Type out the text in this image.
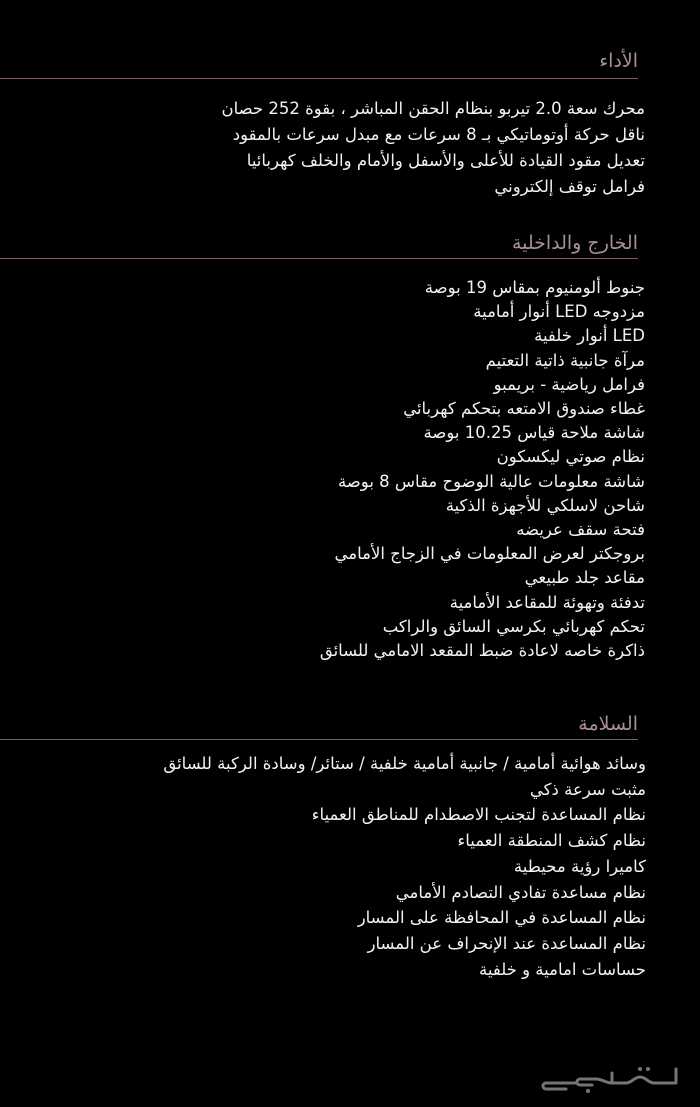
الأداء
محرك سعة 2.0 تيربو بنظام الحقن المباشر ، بقوة 252 حصان
ناقل حركة أوتوماتيكي بـ 8 سرعات مع مبدل سرعات بالمقود
تعديل مقود القيادة للأعلى والأسفل والأمام والخلف كهربائيا
فرامل توقف إلكتروني
الخارج والداخلية
جنوط ألومنيوم بمقاس 19 بوصة
مزدوجه LED أنوار أمامية
LED أنوار خلفية
مرآة جانبية ذاتية التعتيم
فرامل رياضية - بريمبو
غطاء صندوق الامتعه بتحكم كهربائي
شاشة ملاحة قياس 10.25 بوصة
نظام صوتي ليكسكون
شاشة معلومات عالية الوضوح مقاس 8 بوصة
شاحن لاسلكي للأجهزة الذكية
فتحة سقف عريضه
بروجكتر لعرض المعلومات في الزجاج الأمامي
مقاعد جلد طبيعي
تدفئة وتهوئة للمقاعد الأمامية
تحكم كهربائي بكرسي السائق والراكب
ذاكرة خاصه لاعادة ضبط المقعد الامامي للسائق
السلامة
وسائد هوائية أمامية / جانبية أمامية خلفية / ستائر/ وسادة الركبة للسائق
مثبت سرعة ذكي
نظام المساعدة لتجنب الاصطدام للمناطق العمياء
نظام كشف المنطقة العمياء
كاميرا رؤية محيطية
نظام مساعدة تفادي التصادم الأمامي
نظام المساعدة في المحافظة على المسار
نظام المساعدة عند الإنحراف عن المسار
حساسات امامية و خلفية
